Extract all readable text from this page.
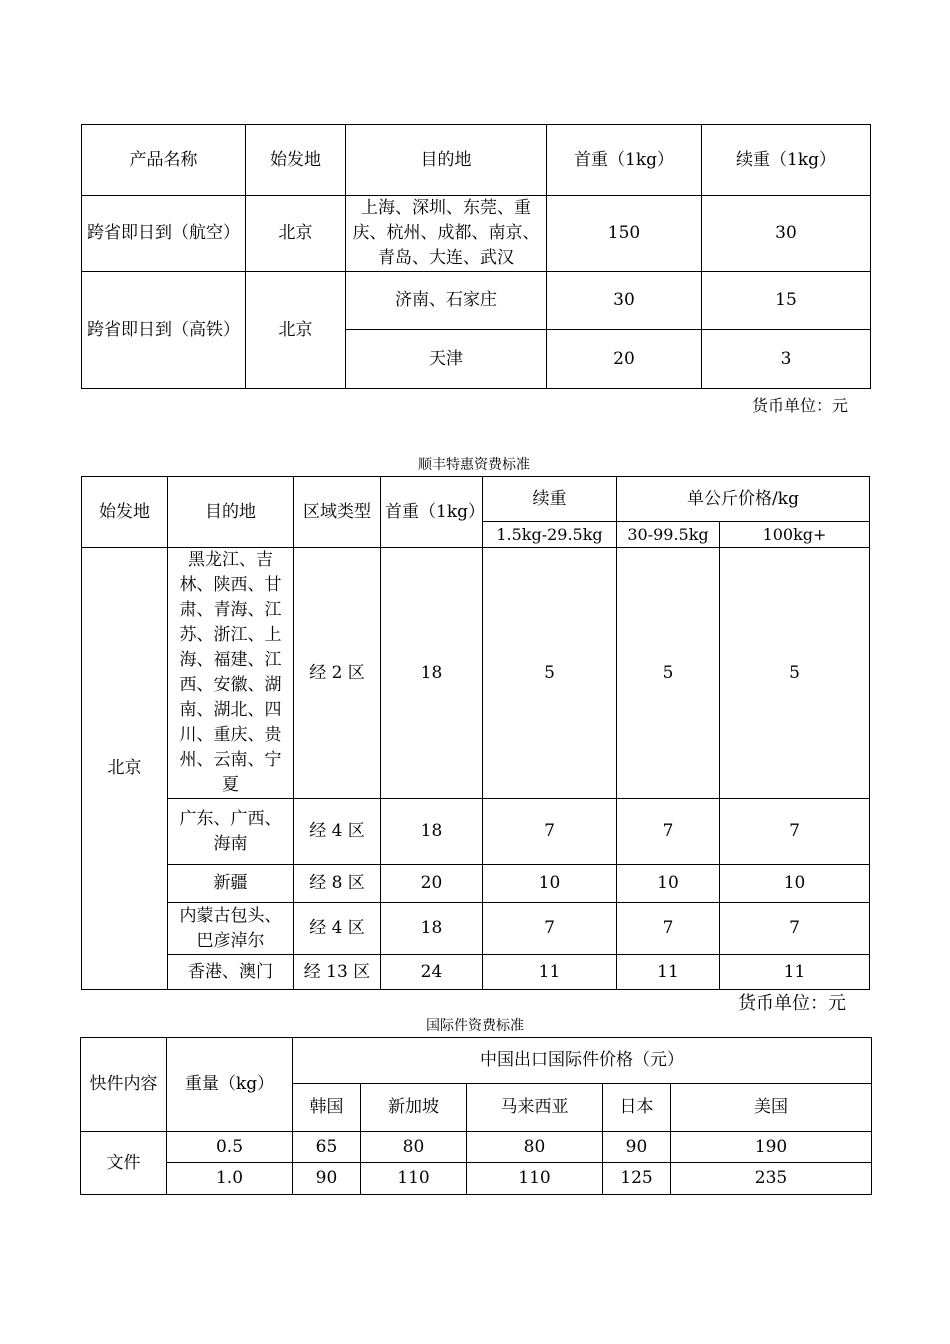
产品名称	始发地	目的地	首重（1kg）	续重（1kg）
跨省即日到（航空）	北京	上海、深圳、东莞、重庆、杭州、成都、南京、青岛、大连、武汉	150	30
跨省即日到（高铁）	北京	济南、石家庄	30	15
		天津	20	3
货币单位：元
顺丰特惠资费标准
始发地	目的地	区域类型	首重（1kg）	续重	单公斤价格/kg	
				1.5kg-29.5kg	30-99.5kg	100kg+
北京	黑龙江、吉林、陕西、甘肃、青海、江苏、浙江、上海、福建、江西、安徽、湖南、湖北、四川、重庆、贵州、云南、宁夏	经 2 区	18	5	5	5
	广东、广西、海南	经 4 区	18	7	7	7
	新疆	经 8 区	20	10	10	10
	内蒙古包头、巴彦淖尔	经 4 区	18	7	7	7
	香港、澳门	经 13 区	24	11	11	11
货币单位：元
国际件资费标准
快件内容	重量（kg）	中国出口国际件价格（元）				
		韩国	新加坡	马来西亚	日本	美国
文件	0.5	65	80	80	90	190
	1.0	90	110	110	125	235
